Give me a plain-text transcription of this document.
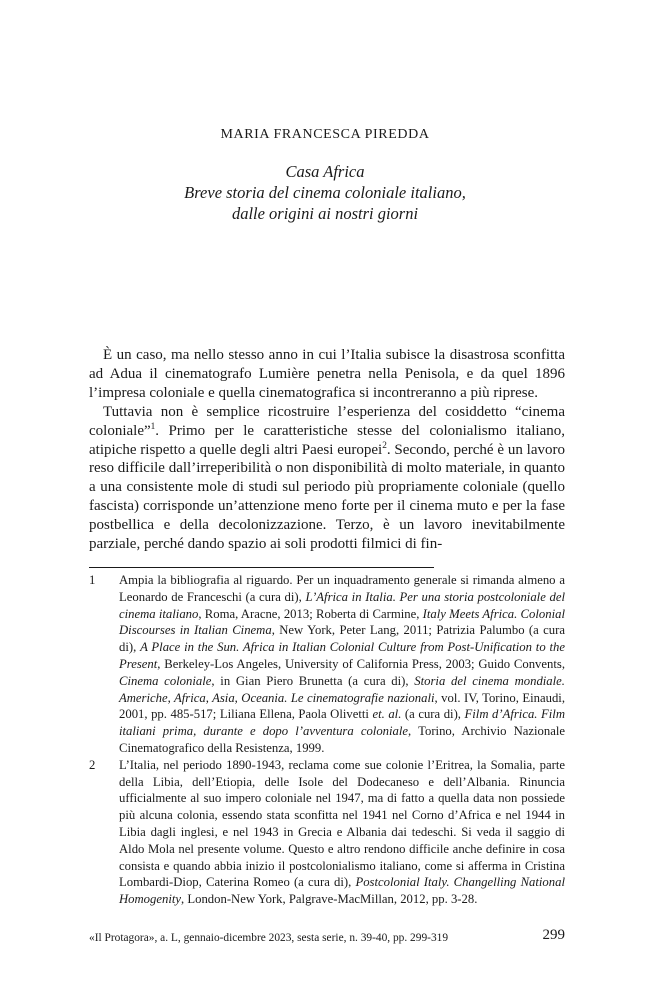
MARIA FRANCESCA PIREDDA
Casa Africa
Breve storia del cinema coloniale italiano,
dalle origini ai nostri giorni

È un caso, ma nello stesso anno in cui l’Italia subisce la disastrosa sconfitta ad Adua il cinematografo Lumière penetra nella Penisola, e da quel 1896 l’impresa coloniale e quella cinematografica si incontreranno a più riprese.

Tuttavia non è semplice ricostruire l’esperienza del cosiddetto “cinema coloniale”$^1$. Primo per le caratteristiche stesse del colonialismo italiano, atipiche rispetto a quelle degli altri Paesi europei$^2$. Secondo, perché è un lavoro reso difficile dall’irreperibilità o non disponibilità di molto materiale, in quanto a una consistente mole di studi sul periodo più propriamente coloniale (quello fascista) corrisponde un’attenzione meno forte per il cinema muto e per la fase postbellica e della decolonizzazione. Terzo, è un lavoro inevitabilmente parziale, perché dando spazio ai soli prodotti filmici di fin-

1	Ampia la bibliografia al riguardo. Per un inquadramento generale si rimanda almeno a Leonardo de Franceschi (a cura di), L’Africa in Italia. Per una storia postcoloniale del cinema italiano, Roma, Aracne, 2013; Roberta di Carmine, Italy Meets Africa. Colonial Discourses in Italian Cinema, New York, Peter Lang, 2011; Patrizia Palumbo (a cura di), A Place in the Sun. Africa in Italian Colonial Culture from Post-Unification to the Present, Berkeley-Los Angeles, University of California Press, 2003; Guido Convents, Cinema coloniale, in Gian Piero Brunetta (a cura di), Storia del cinema mondiale. Americhe, Africa, Asia, Oceania. Le cinematografie nazionali, vol. IV, Torino, Einaudi, 2001, pp. 485-517; Liliana Ellena, Paola Olivetti et. al. (a cura di), Film d’Africa. Film italiani prima, durante e dopo l’avventura coloniale, Torino, Archivio Nazionale Cinematografico della Resistenza, 1999.
2	L’Italia, nel periodo 1890-1943, reclama come sue colonie l’Eritrea, la Somalia, parte della Libia, dell’Etiopia, delle Isole del Dodecaneso e dell’Albania. Rinuncia ufficialmente al suo impero coloniale nel 1947, ma di fatto a quella data non possiede più alcuna colonia, essendo stata sconfitta nel 1941 nel Corno d’Africa e nel 1944 in Libia dagli inglesi, e nel 1943 in Grecia e Albania dai tedeschi. Si veda il saggio di Aldo Mola nel presente volume. Questo e altro rendono difficile anche definire in cosa consista e quando abbia inizio il postcolonialismo italiano, come si afferma in Cristina Lombardi-Diop, Caterina Romeo (a cura di), Postcolonial Italy. Changelling National Homogenity, London-New York, Palgrave-MacMillan, 2012, pp. 3-28.
«Il Protagora», a. L, gennaio-dicembre 2023, sesta serie, n. 39-40, pp. 299-319	299
